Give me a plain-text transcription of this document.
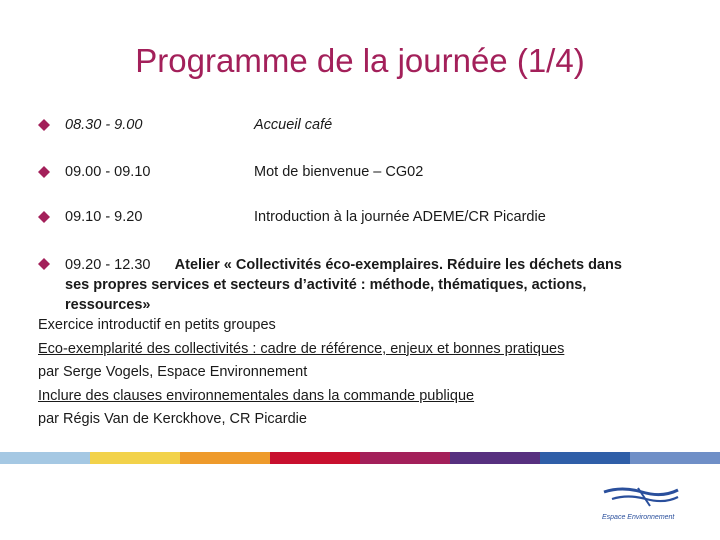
Programme de la journée (1/4)
08.30 - 9.00	Accueil café
09.00 - 09.10	Mot de bienvenue – CG02
09.10 - 9.20	Introduction à la journée ADEME/CR Picardie
09.20 - 12.30 Atelier « Collectivités éco-exemplaires. Réduire les déchets dans
ses propres services et secteurs d’activité : méthode, thématiques, actions,
ressources»
Exercice introductif en petits groupes
Eco-exemplarité des collectivités : cadre de référence, enjeux et bonnes pratiques
par Serge Vogels, Espace Environnement
Inclure des clauses environnementales dans la commande publique
par Régis Van de Kerckhove, CR Picardie
Espace Environnement
